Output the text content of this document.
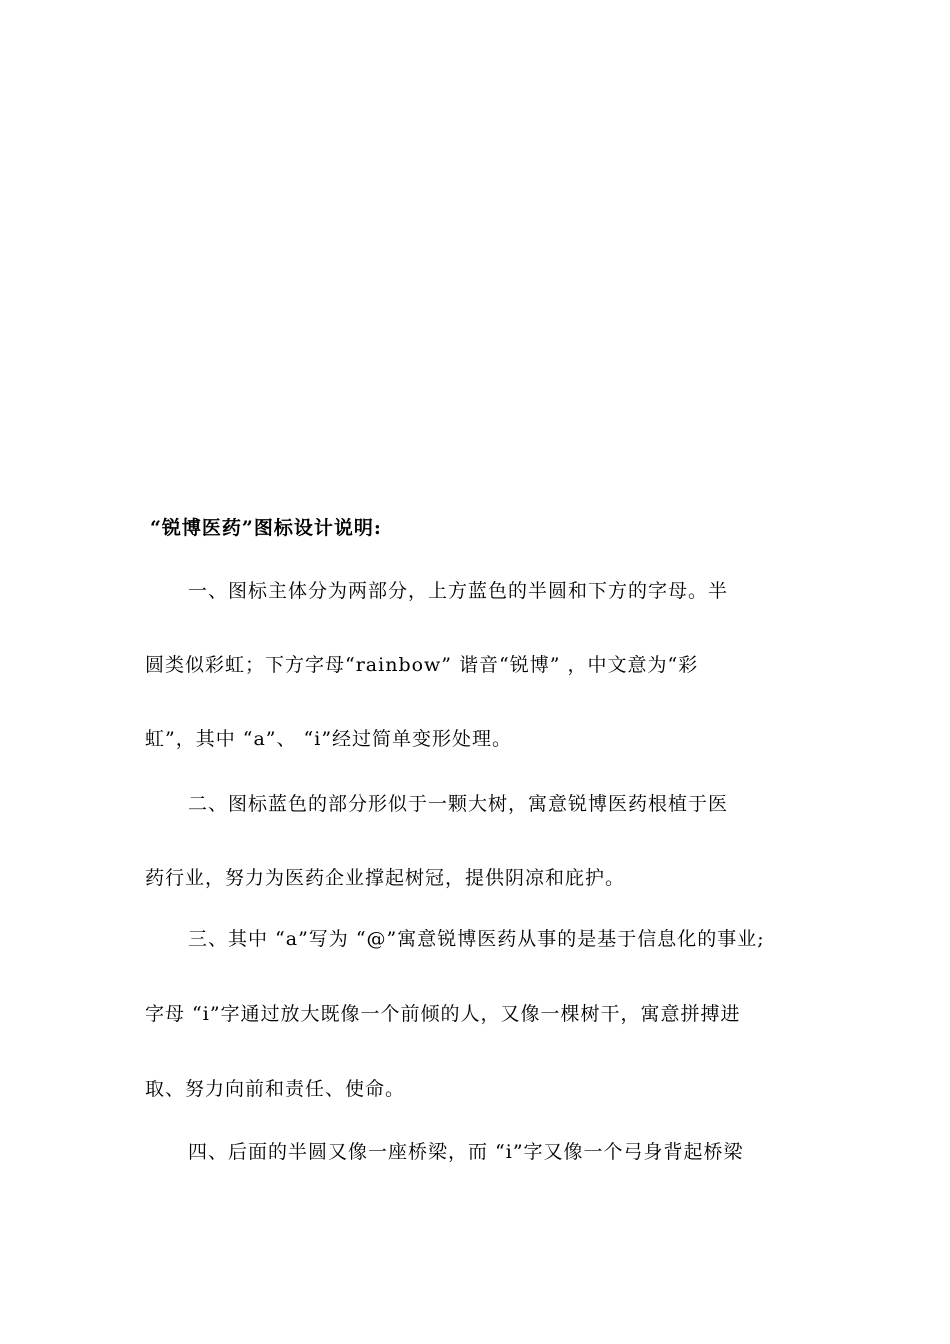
“锐博医药”图标设计说明:

一、图标主体分为两部分，上方蓝色的半圆和下方的字母。半

圆类似彩虹；下方字母“rainbow” 谐音“锐博” ，中文意为“彩

虹”，其中 “a”、 “i”经过简单变形处理。

二、图标蓝色的部分形似于一颗大树，寓意锐博医药根植于医

药行业，努力为医药企业撑起树冠，提供阴凉和庇护。

三、其中 “a”写为 “@”寓意锐博医药从事的是基于信息化的事业;

字母 “i”字通过放大既像一个前倾的人，又像一棵树干，寓意拼搏进

取、努力向前和责任、使命。

四、后面的半圆又像一座桥梁，而 “i”字又像一个弓身背起桥梁
